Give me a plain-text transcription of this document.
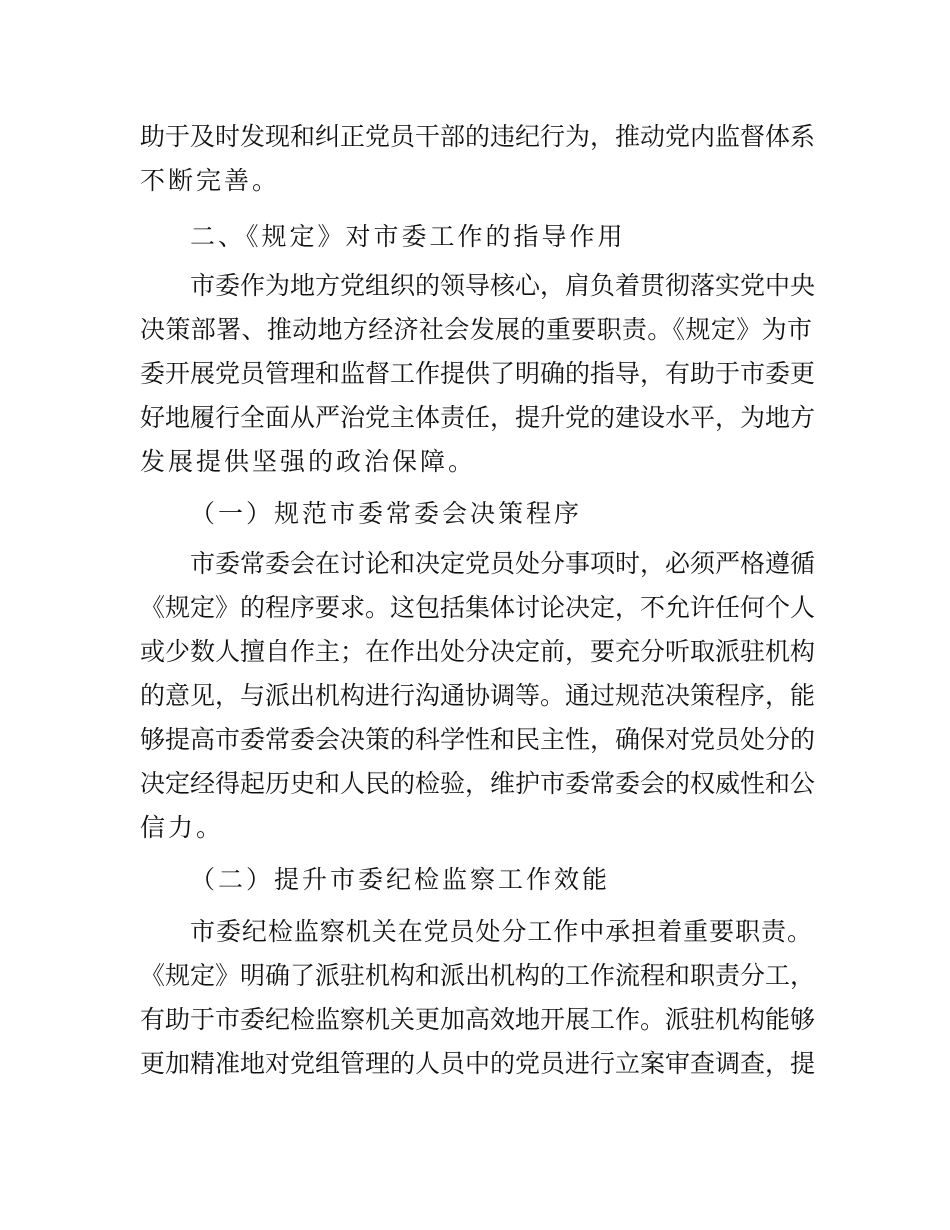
助于及时发现和纠正党员干部的违纪行为，推动党内监督体系
不断完善。
二、《规定》对市委工作的指导作用
市委作为地方党组织的领导核心，肩负着贯彻落实党中央
决策部署、推动地方经济社会发展的重要职责。《规定》为市
委开展党员管理和监督工作提供了明确的指导，有助于市委更
好地履行全面从严治党主体责任，提升党的建设水平，为地方
发展提供坚强的政治保障。
（一）规范市委常委会决策程序
市委常委会在讨论和决定党员处分事项时，必须严格遵循
《规定》的程序要求。这包括集体讨论决定，不允许任何个人
或少数人擅自作主；在作出处分决定前，要充分听取派驻机构
的意见，与派出机构进行沟通协调等。通过规范决策程序，能
够提高市委常委会决策的科学性和民主性，确保对党员处分的
决定经得起历史和人民的检验，维护市委常委会的权威性和公
信力。
（二）提升市委纪检监察工作效能
市委纪检监察机关在党员处分工作中承担着重要职责。
《规定》明确了派驻机构和派出机构的工作流程和职责分工，
有助于市委纪检监察机关更加高效地开展工作。派驻机构能够
更加精准地对党组管理的人员中的党员进行立案审查调查，提
